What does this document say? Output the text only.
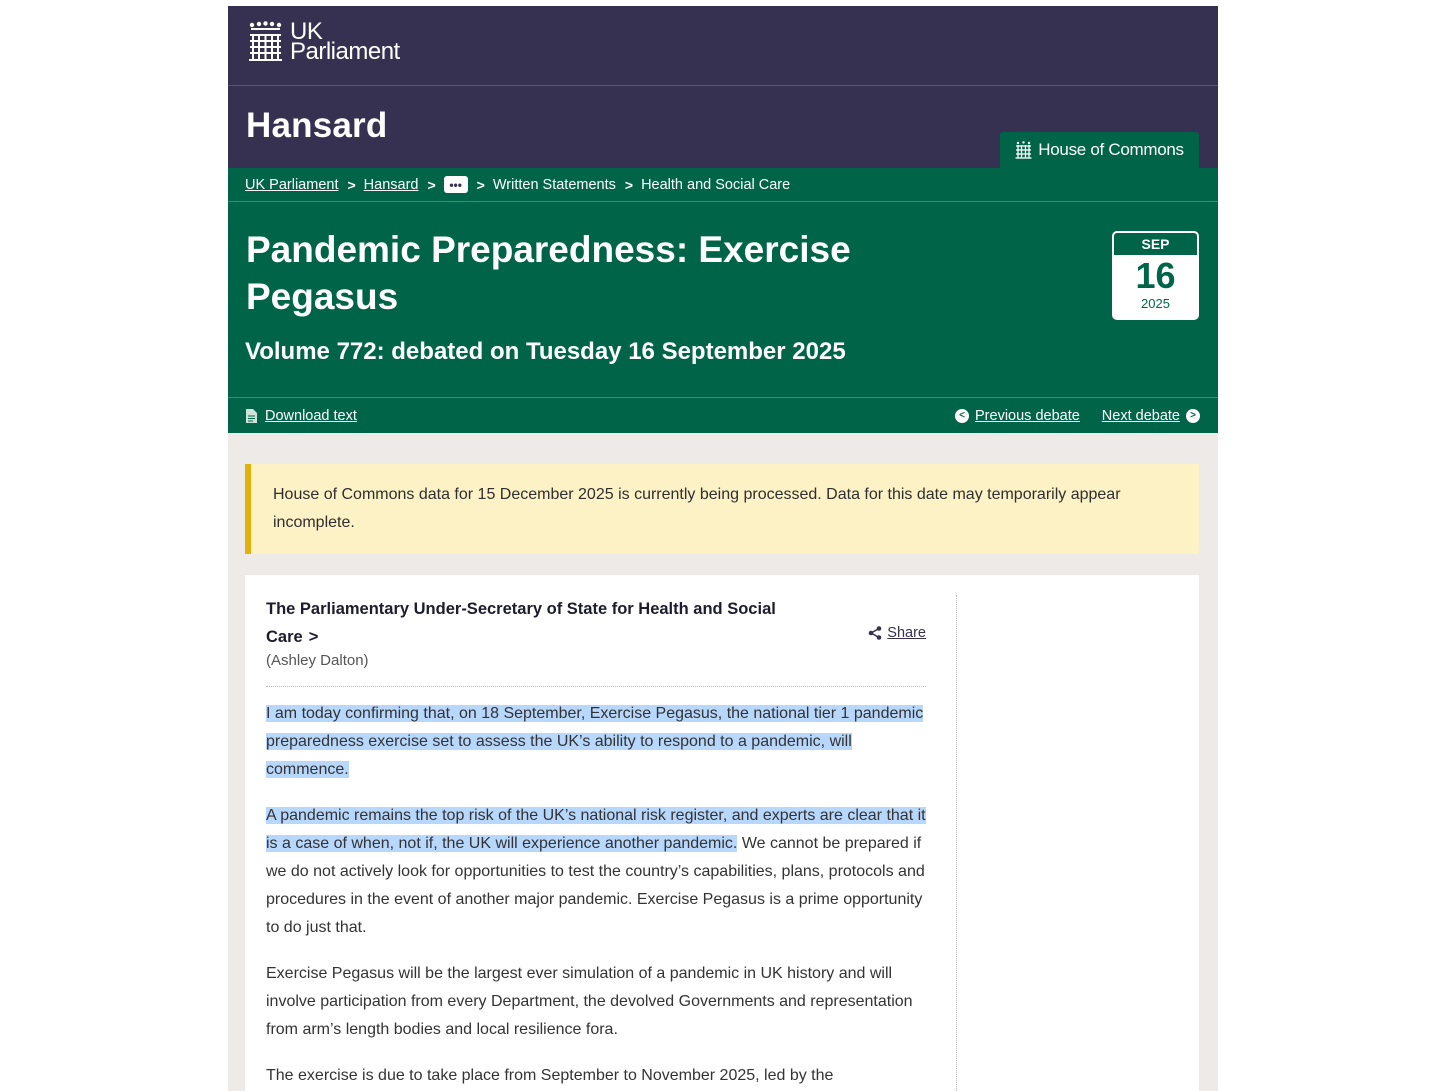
UK
Parliament
Hansard
House of Commons
UK Parliament > Hansard >	•••	> Written Statements > Health and Social Care
Pandemic Preparedness: Exercise Pegasus
Volume 772: debated on Tuesday 16 September 2025
SEP
16
2025
Download text	< Previous debate Next debate	>
House of Commons data for 15 December 2025 is currently being processed. Data for this date may temporarily appear incomplete.

The Parliamentary Under-Secretary of State for Health and Social Care >

(Ashley Dalton)
Share

I am today confirming that, on 18 September, Exercise Pegasus, the national tier 1 pandemic preparedness exercise set to assess the UK’s ability to respond to a pandemic, will commence.

A pandemic remains the top risk of the UK’s national risk register, and experts are clear that it is a case of when, not if, the UK will experience another pandemic. We cannot be prepared if we do not actively look for opportunities to test the country’s capabilities, plans, protocols and procedures in the event of another major pandemic. Exercise Pegasus is a prime opportunity to do just that.

Exercise Pegasus will be the largest ever simulation of a pandemic in UK history and will involve participation from every Department, the devolved Governments and representation from arm’s length bodies and local resilience fora.

The exercise is due to take place from September to November 2025, led by the
